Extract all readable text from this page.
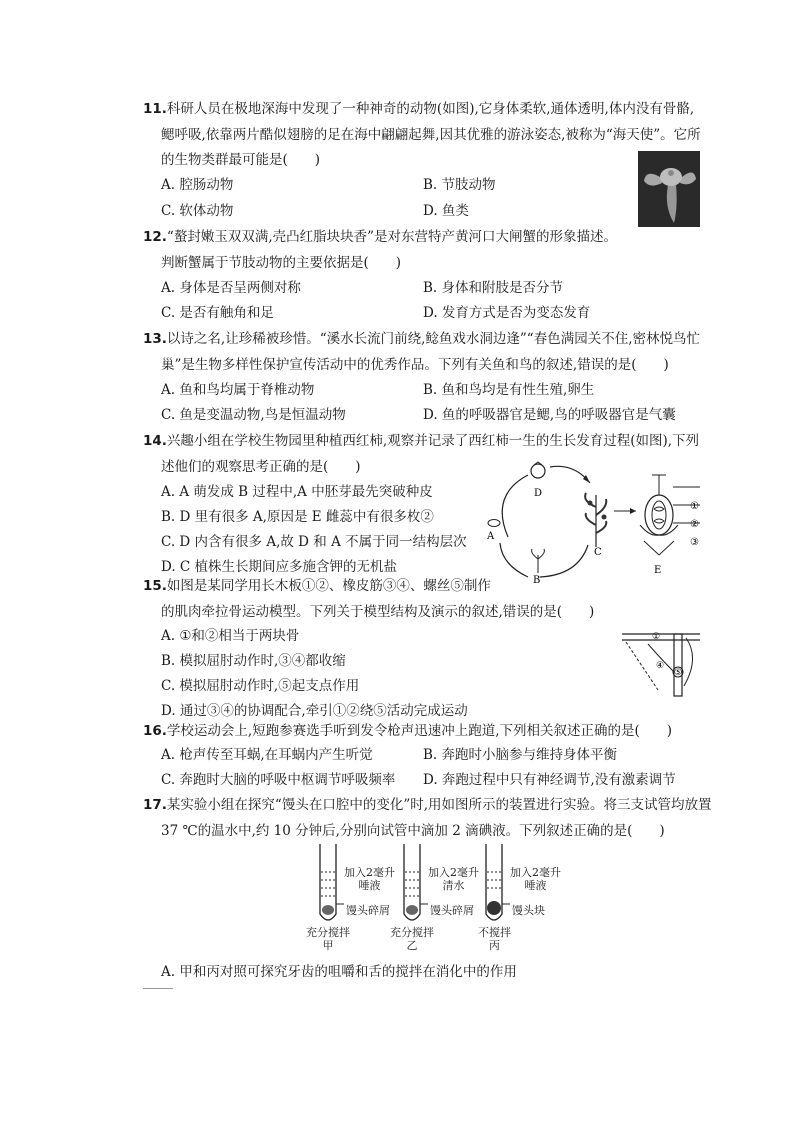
11.科研人员在极地深海中发现了一种神奇的动物(如图),它身体柔软,通体透明,体内没有骨骼,
鳃呼吸,依靠两片酷似翅膀的足在海中翩翩起舞,因其优雅的游泳姿态,被称为“海天使”。它所
的生物类群最可能是(　　)
A. 腔肠动物	B. 节肢动物
C. 软体动物	D. 鱼类
12.“螯封嫩玉双双满,壳凸红脂块块香”是对东营特产黄河口大闸蟹的形象描述。
判断蟹属于节肢动物的主要依据是(　　)
A. 身体是否呈两侧对称	B. 身体和附肢是否分节
C. 是否有触角和足	D. 发育方式是否为变态发育
13.以诗之名,让珍稀被珍惜。“溪水长流门前绕,鲶鱼戏水洞边逢”“春色满园关不住,密林悦鸟忙
巢”是生物多样性保护宣传活动中的优秀作品。下列有关鱼和鸟的叙述,错误的是(　　)
A. 鱼和鸟均属于脊椎动物	B. 鱼和鸟均是有性生殖,卵生
C. 鱼是变温动物,鸟是恒温动物	D. 鱼的呼吸器官是鳃,鸟的呼吸器官是气囊
14.兴趣小组在学校生物园里种植西红柿,观察并记录了西红柿一生的生长发育过程(如图),下列
述他们的观察思考正确的是(　　)
A. A 萌发成 B 过程中,A 中胚芽最先突破种皮
B. D 里有很多 A,原因是 E 雌蕊中有很多枚②
C. D 内含有很多 A,故 D 和 A 不属于同一结构层次
D. C 植株生长期间应多施含钾的无机盐
D
A
B
C
①
②
③
E
15.如图是某同学用长木板①②、橡皮筋③④、螺丝⑤制作
的肌肉牵拉骨运动模型。下列关于模型结构及演示的叙述,错误的是(　　)
A. ①和②相当于两块骨
B. 模拟屈肘动作时,③④都收缩
C. 模拟屈肘动作时,⑤起支点作用
D. 通过③④的协调配合,牵引①②绕⑤活动完成运动
①
④
⑤
16.学校运动会上,短跑参赛选手听到发令枪声迅速冲上跑道,下列相关叙述正确的是(　　)
A. 枪声传至耳蜗,在耳蜗内产生听觉	B. 奔跑时小脑参与维持身体平衡
C. 奔跑时大脑的呼吸中枢调节呼吸频率 D. 奔跑过程中只有神经调节,没有激素调节
17.某实验小组在探究“馒头在口腔中的变化”时,用如图所示的装置进行实验。将三支试管均放置
37 ℃的温水中,约 10 分钟后,分别向试管中滴加 2 滴碘液。下列叙述正确的是(　　)
加入2毫升
唾液
馒头碎屑
充分搅拌
甲
加入2毫升
清水
馒头碎屑
充分搅拌
乙
加入2毫升
唾液
馒头块
不搅拌
丙
A. 甲和丙对照可探究牙齿的咀嚼和舌的搅拌在消化中的作用
